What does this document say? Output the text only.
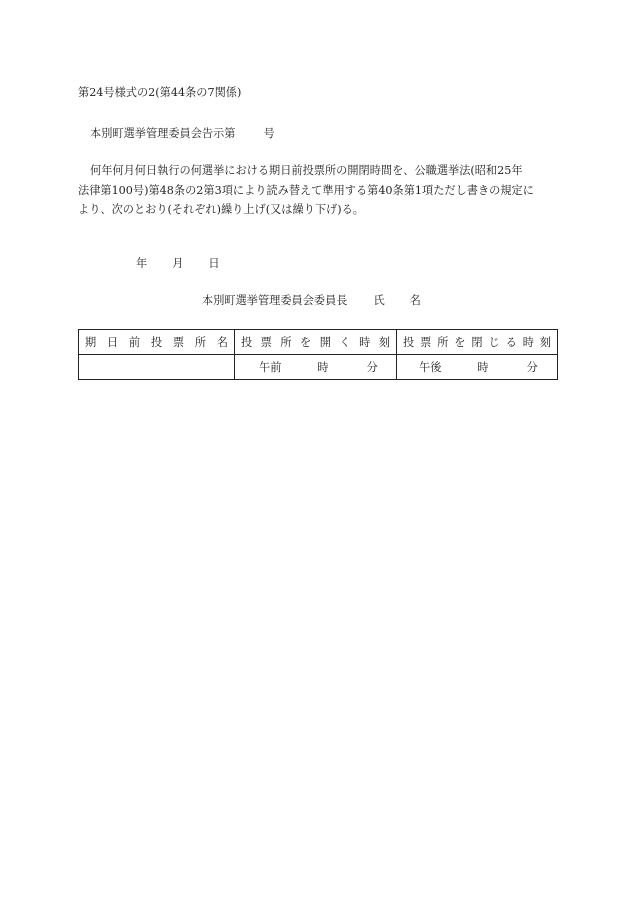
第24号様式の2(第44条の7関係)
本別町選挙管理委員会告示第	号
何年何月何日執行の何選挙における期日前投票所の開閉時間を、公職選挙法(昭和25年
法律第100号)第48条の2第3項により読み替えて準用する第40条第1項ただし書きの規定に
より、次のとおり(それぞれ)繰り上げ(又は繰り下げ)る。
年 月 日
本別町選挙管理委員会委員長 氏 名
期日前投票所名	投票所を開く時刻	投票所を閉じる時刻
	午前 時 分	午後 時 分
